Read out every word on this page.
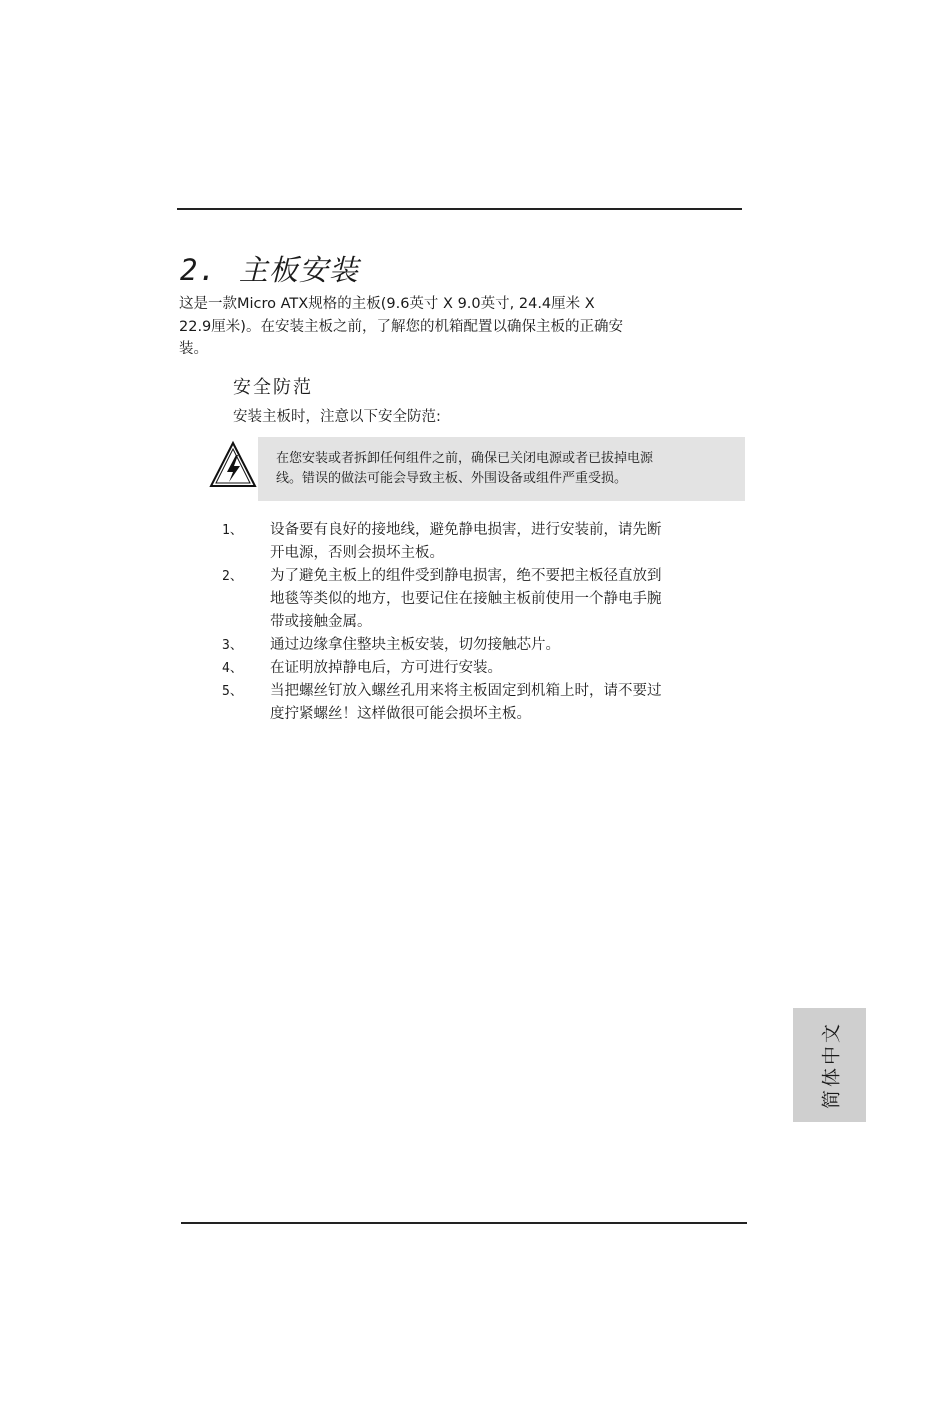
2. 主板安装

这是一款Micro ATX规格的主板(9.6英寸 X 9.0英寸, 24.4厘米 X
22.9厘米)。在安装主板之前，了解您的机箱配置以确保主板的正确安
装。

安全防范

安装主板时，注意以下安全防范:

在您安装或者拆卸任何组件之前，确保已关闭电源或者已拔掉电源
线。错误的做法可能会导致主板、外围设备或组件严重受损。

1、 设备要有良好的接地线，避免静电损害，进行安装前，请先断
开电源，否则会损坏主板。
2、 为了避免主板上的组件受到静电损害，绝不要把主板径直放到
地毯等类似的地方，也要记住在接触主板前使用一个静电手腕
带或接触金属。
3、 通过边缘拿住整块主板安装，切勿接触芯片。
4、 在证明放掉静电后，方可进行安装。
5、 当把螺丝钉放入螺丝孔用来将主板固定到机箱上时，请不要过
度拧紧螺丝！这样做很可能会损坏主板。
简体中文
